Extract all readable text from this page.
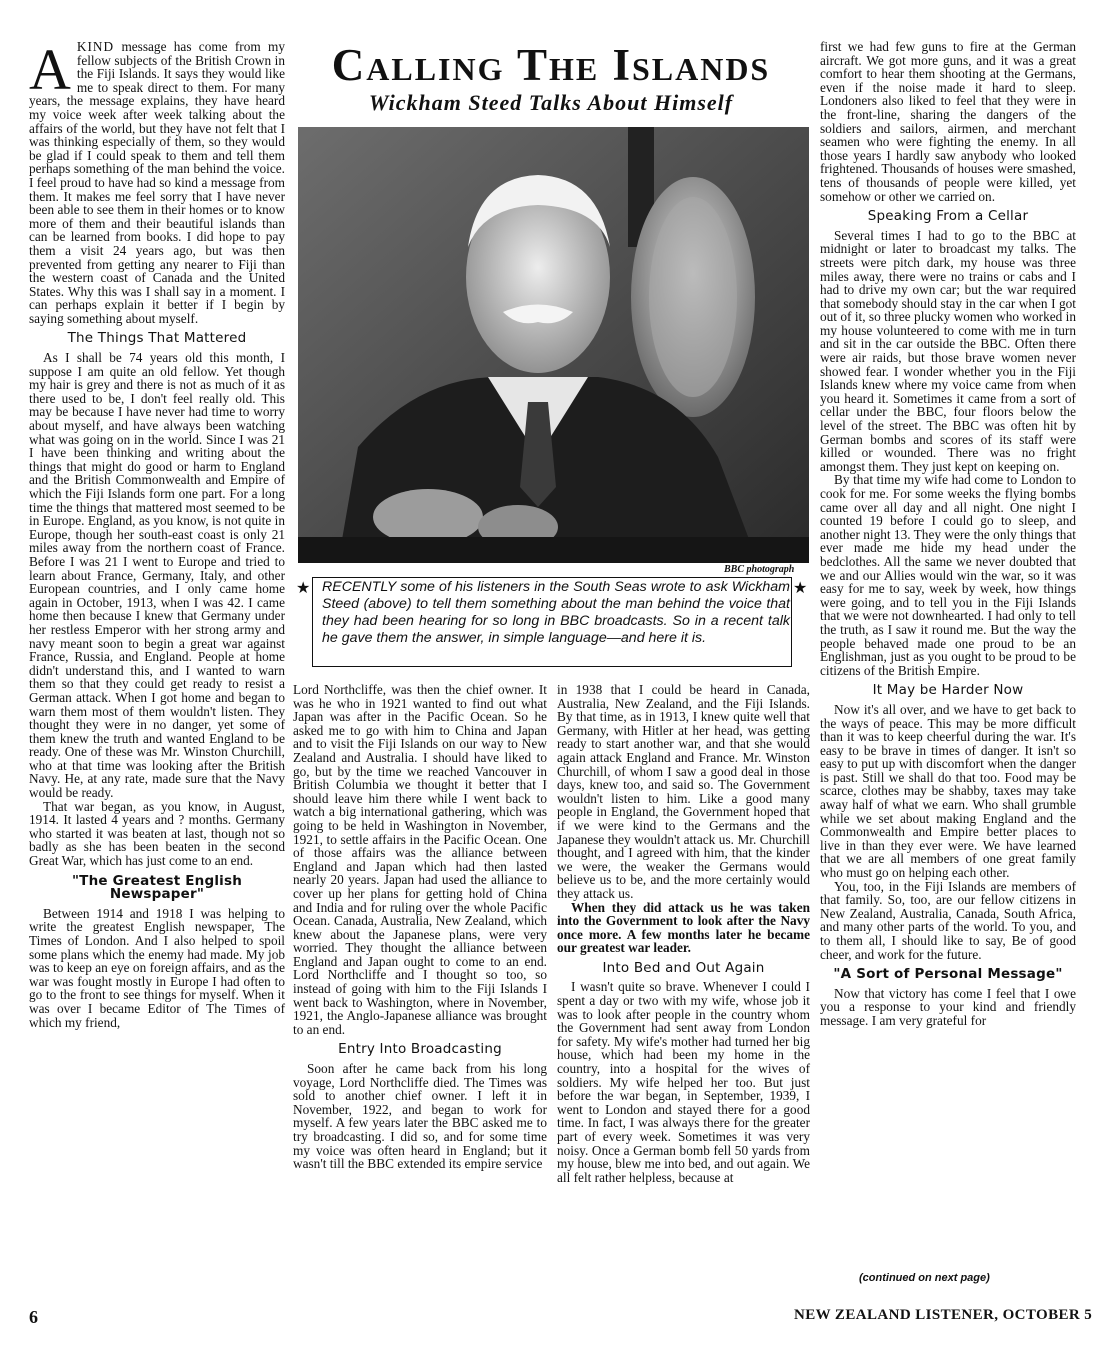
AKIND message has come from my fellow subjects of the British Crown in the Fiji Islands. It says they would like me to speak direct to them. For many years, the message explains, they have heard my voice week after week talking about the affairs of the world, but they have not felt that I was thinking especially of them, so they would be glad if I could speak to them and tell them perhaps something of the man behind the voice. I feel proud to have had so kind a message from them. It makes me feel sorry that I have never been able to see them in their homes or to know more of them and their beautiful islands than can be learned from books. I did hope to pay them a visit 24 years ago, but was then prevented from getting any nearer to Fiji than the western coast of Canada and the United States. Why this was I shall say in a moment. I can perhaps explain it better if I begin by saying something about myself.

The Things That Mattered

As I shall be 74 years old this month, I suppose I am quite an old fellow. Yet though my hair is grey and there is not as much of it as there used to be, I don't feel really old. This may be because I have never had time to worry about myself, and have always been watching what was going on in the world. Since I was 21 I have been thinking and writing about the things that might do good or harm to England and the British Commonwealth and Empire of which the Fiji Islands form one part. For a long time the things that mattered most seemed to be in Europe. England, as you know, is not quite in Europe, though her south-east coast is only 21 miles away from the northern coast of France. Before I was 21 I went to Europe and tried to learn about France, Germany, Italy, and other European countries, and I only came home again in October, 1913, when I was 42. I came home then because I knew that Germany under her restless Emperor with her strong army and navy meant soon to begin a great war against France, Russia, and England. People at home didn't understand this, and I wanted to warn them so that they could get ready to resist a German attack. When I got home and began to warn them most of them wouldn't listen. They thought they were in no danger, yet some of them knew the truth and wanted England to be ready. One of these was Mr. Winston Churchill, who at that time was looking after the British Navy. He, at any rate, made sure that the Navy would be ready.

That war began, as you know, in August, 1914. It lasted 4 years and ? months. Germany who started it was beaten at last, though not so badly as she has been beaten in the second Great War, which has just come to an end.

"The Greatest English Newspaper"

Between 1914 and 1918 I was helping to write the greatest English newspaper, The Times of London. And I also helped to spoil some plans which the enemy had made. My job was to keep an eye on foreign affairs, and as the war was fought mostly in Europe I had often to go to the front to see things for myself. When it was over I became Editor of The Times of which my friend,

Calling The Islands
Wickham Steed Talks About Himself
BBC photograph
★	★
RECENTLY some of his listeners in the South Seas wrote to ask Wickham Steed (above) to tell them something about the man behind the voice that they had been hearing for so long in BBC broadcasts. So in a recent talk he gave them the answer, in simple language—and here it is.

Lord Northcliffe, was then the chief owner. It was he who in 1921 wanted to find out what Japan was after in the Pacific Ocean. So he asked me to go with him to China and Japan and to visit the Fiji Islands on our way to New Zealand and Australia. I should have liked to go, but by the time we reached Vancouver in British Columbia we thought it better that I should leave him there while I went back to watch a big international gathering, which was going to be held in Washington in November, 1921, to settle affairs in the Pacific Ocean. One of those affairs was the alliance between England and Japan which had then lasted nearly 20 years. Japan had used the alliance to cover up her plans for getting hold of China and India and for ruling over the whole Pacific Ocean. Canada, Australia, New Zealand, which knew about the Japanese plans, were very worried. They thought the alliance between England and Japan ought to come to an end. Lord Northcliffe and I thought so too, so instead of going with him to the Fiji Islands I went back to Washington, where in November, 1921, the Anglo-Japanese alliance was brought to an end.

Entry Into Broadcasting

Soon after he came back from his long voyage, Lord Northcliffe died. The Times was sold to another chief owner. I left it in November, 1922, and began to work for myself. A few years later the BBC asked me to try broadcasting. I did so, and for some time my voice was often heard in England; but it wasn't till the BBC extended its empire service

in 1938 that I could be heard in Canada, Australia, New Zealand, and the Fiji Islands. By that time, as in 1913, I knew quite well that Germany, with Hitler at her head, was getting ready to start another war, and that she would again attack England and France. Mr. Winston Churchill, of whom I saw a good deal in those days, knew too, and said so. The Government wouldn't listen to him. Like a good many people in England, the Government hoped that if we were kind to the Germans and the Japanese they wouldn't attack us. Mr. Churchill thought, and I agreed with him, that the kinder we were, the weaker the Germans would believe us to be, and the more certainly would they attack us.

When they did attack us he was taken into the Government to look after the Navy once more. A few months later he became our greatest war leader.

Into Bed and Out Again

I wasn't quite so brave. Whenever I could I spent a day or two with my wife, whose job it was to look after people in the country whom the Government had sent away from London for safety. My wife's mother had turned her big house, which had been my home in the country, into a hospital for the wives of soldiers. My wife helped her too. But just before the war began, in September, 1939, I went to London and stayed there for a good time. In fact, I was always there for the greater part of every week. Sometimes it was very noisy. Once a German bomb fell 50 yards from my house, blew me into bed, and out again. We all felt rather helpless, because at

first we had few guns to fire at the German aircraft. We got more guns, and it was a great comfort to hear them shooting at the Germans, even if the noise made it hard to sleep. Londoners also liked to feel that they were in the front-line, sharing the dangers of the soldiers and sailors, airmen, and merchant seamen who were fighting the enemy. In all those years I hardly saw anybody who looked frightened. Thousands of houses were smashed, tens of thousands of people were killed, yet somehow or other we carried on.

Speaking From a Cellar

Several times I had to go to the BBC at midnight or later to broadcast my talks. The streets were pitch dark, my house was three miles away, there were no trains or cabs and I had to drive my own car; but the war required that somebody should stay in the car when I got out of it, so three plucky women who worked in my house volunteered to come with me in turn and sit in the car outside the BBC. Often there were air raids, but those brave women never showed fear. I wonder whether you in the Fiji Islands knew where my voice came from when you heard it. Sometimes it came from a sort of cellar under the BBC, four floors below the level of the street. The BBC was often hit by German bombs and scores of its staff were killed or wounded. There was no fright amongst them. They just kept on keeping on.

By that time my wife had come to London to cook for me. For some weeks the flying bombs came over all day and all night. One night I counted 19 before I could go to sleep, and another night 13. They were the only things that ever made me hide my head under the bedclothes. All the same we never doubted that we and our Allies would win the war, so it was easy for me to say, week by week, how things were going, and to tell you in the Fiji Islands that we were not downhearted. I had only to tell the truth, as I saw it round me. But the way the people behaved made one proud to be an Englishman, just as you ought to be proud to be citizens of the British Empire.

It May be Harder Now

Now it's all over, and we have to get back to the ways of peace. This may be more difficult than it was to keep cheerful during the war. It's easy to be brave in times of danger. It isn't so easy to put up with discomfort when the danger is past. Still we shall do that too. Food may be scarce, clothes may be shabby, taxes may take away half of what we earn. Who shall grumble while we set about making England and the Commonwealth and Empire better places to live in than they ever were. We have learned that we are all members of one great family who must go on helping each other.

You, too, in the Fiji Islands are members of that family. So, too, are our fellow citizens in New Zealand, Australia, Canada, South Africa, and many other parts of the world. To you, and to them all, I should like to say, Be of good cheer, and work for the future.

"A Sort of Personal Message"

Now that victory has come I feel that I owe you a response to your kind and friendly message. I am very grateful for

(continued on next page)
6	NEW ZEALAND LISTENER, OCTOBER 5
